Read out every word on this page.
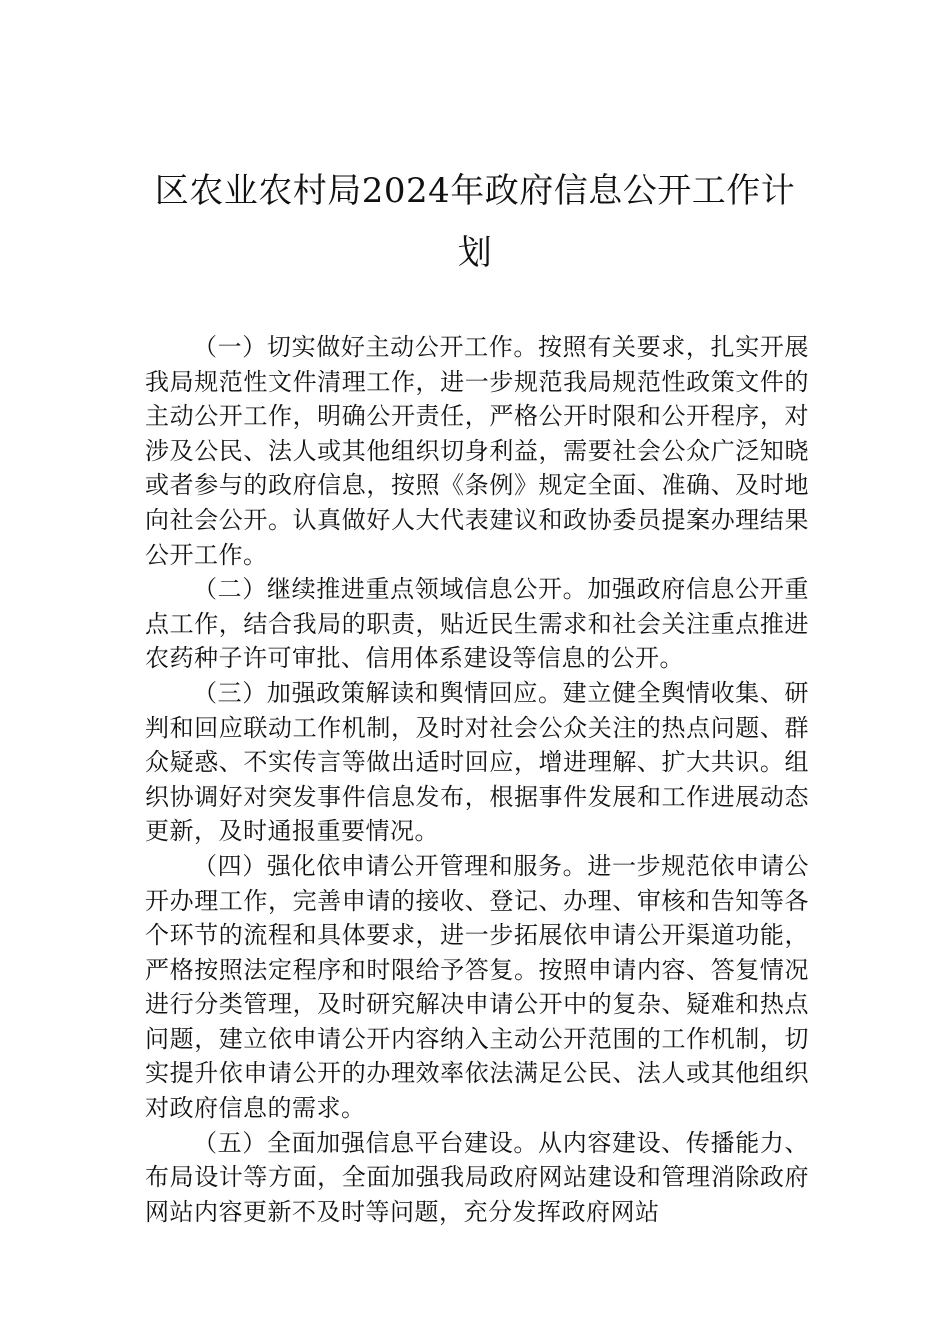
区农业农村局2024年政府信息公开工作计划

（一）切实做好主动公开工作。按照有关要求，扎实开展我局规范性文件清理工作，进一步规范我局规范性政策文件的主动公开工作，明确公开责任，严格公开时限和公开程序，对涉及公民、法人或其他组织切身利益，需要社会公众广泛知晓或者参与的政府信息，按照《条例》规定全面、准确、及时地向社会公开。认真做好人大代表建议和政协委员提案办理结果公开工作。

（二）继续推进重点领域信息公开。加强政府信息公开重点工作，结合我局的职责，贴近民生需求和社会关注重点推进农药种子许可审批、信用体系建设等信息的公开。

（三）加强政策解读和舆情回应。建立健全舆情收集、研判和回应联动工作机制，及时对社会公众关注的热点问题、群众疑惑、不实传言等做出适时回应，增进理解、扩大共识。组织协调好对突发事件信息发布，根据事件发展和工作进展动态更新，及时通报重要情况。

（四）强化依申请公开管理和服务。进一步规范依申请公开办理工作，完善申请的接收、登记、办理、审核和告知等各个环节的流程和具体要求，进一步拓展依申请公开渠道功能，严格按照法定程序和时限给予答复。按照申请内容、答复情况进行分类管理，及时研究解决申请公开中的复杂、疑难和热点问题，建立依申请公开内容纳入主动公开范围的工作机制，切实提升依申请公开的办理效率依法满足公民、法人或其他组织对政府信息的需求。

（五）全面加强信息平台建设。从内容建设、传播能力、布局设计等方面，全面加强我局政府网站建设和管理消除政府网站内容更新不及时等问题，充分发挥政府网站
